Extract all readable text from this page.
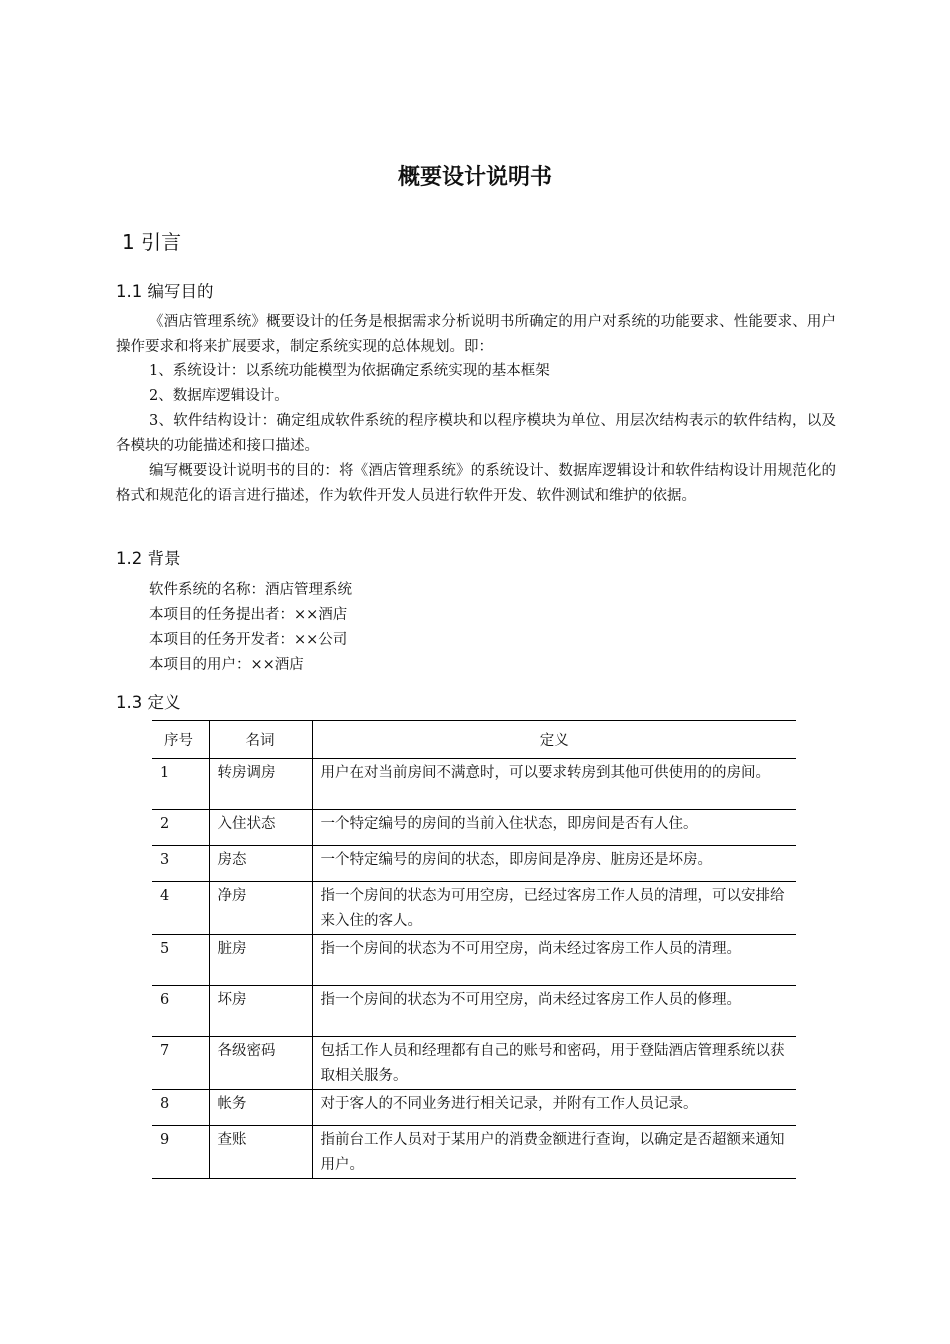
概要设计说明书
1 引言
1.1 编写目的
《酒店管理系统》概要设计的任务是根据需求分析说明书所确定的用户对系统的功能要求、性能要求、用户操作要求和将来扩展要求，制定系统实现的总体规划。即：
1、系统设计：以系统功能模型为依据确定系统实现的基本框架
2、数据库逻辑设计。
3、软件结构设计：确定组成软件系统的程序模块和以程序模块为单位、用层次结构表示的软件结构，以及各模块的功能描述和接口描述。
编写概要设计说明书的目的：将《酒店管理系统》的系统设计、数据库逻辑设计和软件结构设计用规范化的格式和规范化的语言进行描述，作为软件开发人员进行软件开发、软件测试和维护的依据。
1.2 背景
软件系统的名称：酒店管理系统
本项目的任务提出者：××酒店
本项目的任务开发者：××公司
本项目的用户：××酒店
1.3 定义
序号	名词	定义
1	转房调房	用户在对当前房间不满意时，可以要求转房到其他可供使用的的房间。
2	入住状态	一个特定编号的房间的当前入住状态，即房间是否有人住。
3	房态	一个特定编号的房间的状态，即房间是净房、脏房还是坏房。
4	净房	指一个房间的状态为可用空房，已经过客房工作人员的清理，可以安排给来入住的客人。
5	脏房	指一个房间的状态为不可用空房，尚未经过客房工作人员的清理。
6	坏房	指一个房间的状态为不可用空房，尚未经过客房工作人员的修理。
7	各级密码	包括工作人员和经理都有自己的账号和密码，用于登陆酒店管理系统以获取相关服务。
8	帐务	对于客人的不同业务进行相关记录，并附有工作人员记录。
9	查账	指前台工作人员对于某用户的消费金额进行查询，以确定是否超额来通知用户。
